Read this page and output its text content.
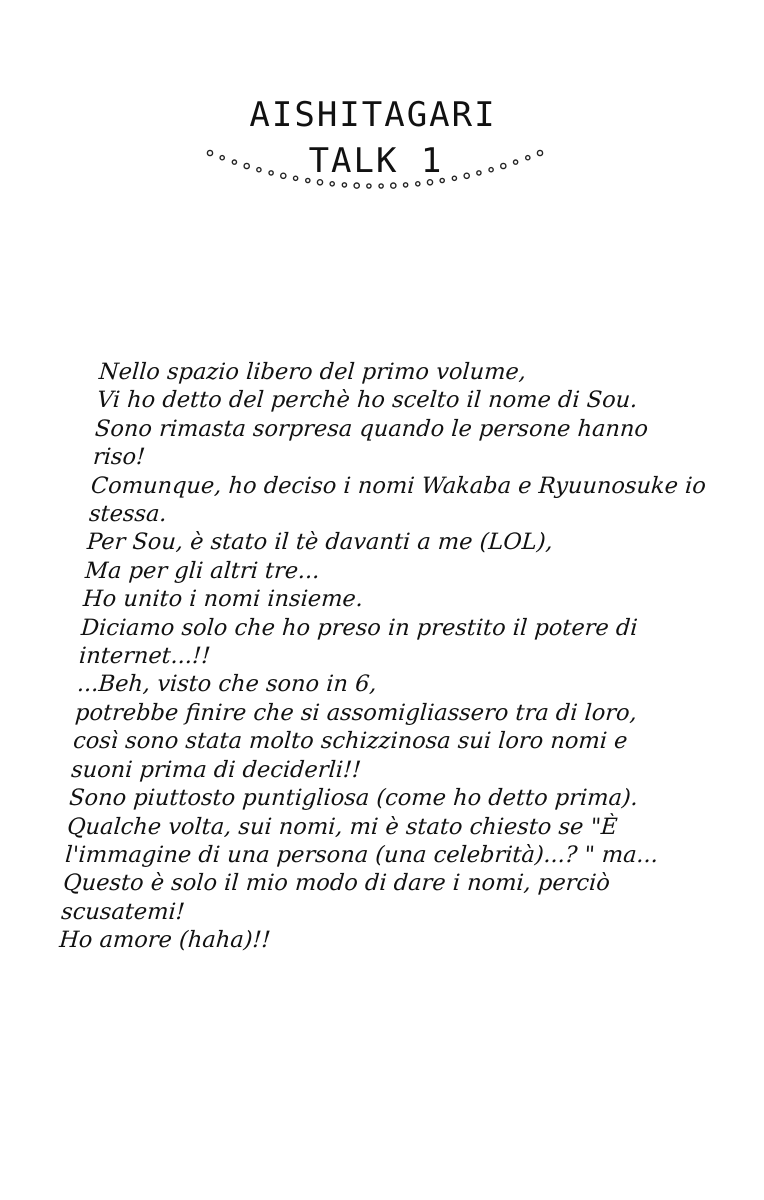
AISHITAGARI
TALK 1
Nello spazio libero del primo volume,
Vi ho detto del perchè ho scelto il nome di Sou.
Sono rimasta sorpresa quando le persone hanno
riso!
Comunque, ho deciso i nomi Wakaba e Ryuunosuke io
stessa.
Per Sou, è stato il tè davanti a me (LOL),
Ma per gli altri tre...
Ho unito i nomi insieme.
Diciamo solo che ho preso in prestito il potere di
internet...!!
...Beh, visto che sono in 6,
potrebbe finire che si assomigliassero tra di loro,
così sono stata molto schizzinosa sui loro nomi e
suoni prima di deciderli!!
Sono piuttosto puntigliosa (come ho detto prima).
Qualche volta, sui nomi, mi è stato chiesto se "È
l'immagine di una persona (una celebrità)...? " ma...
Questo è solo il mio modo di dare i nomi, perciò
scusatemi!
Ho amore (haha)!!
